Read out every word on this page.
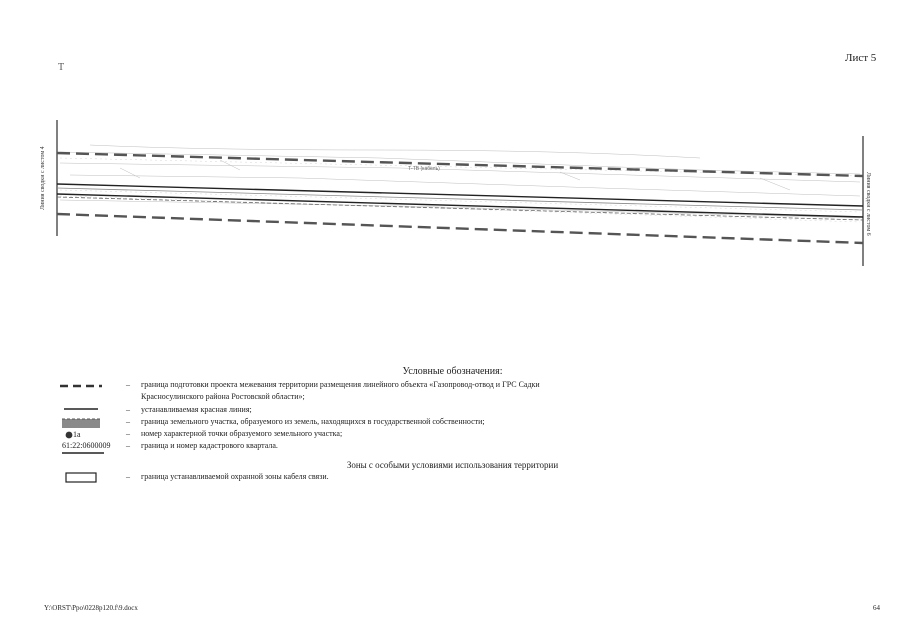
Лист 5
Т
Т-ТВ (кабель)
Линия сводки с листом 4	Линия сводки с листом 6
Условные обозначения:
– граница подготовки проекта межевания территории размещения линейного объекта «Газопровод-отвод и ГРС Садки
Красносулинского района Ростовской области»;
– устанавливаемая красная линия;
– граница земельного участка, образуемого из земель, находящихся в государственной собственности;
1а	– номер характерной точки образуемого земельного участка;
61:22:0600009 – граница и номер кадастрового квартала.
Зоны с особыми условиями использования территории
– граница устанавливаемой охранной зоны кабеля связи.
Y:\ORST\Ppo\0228p120.f\9.docx	64
